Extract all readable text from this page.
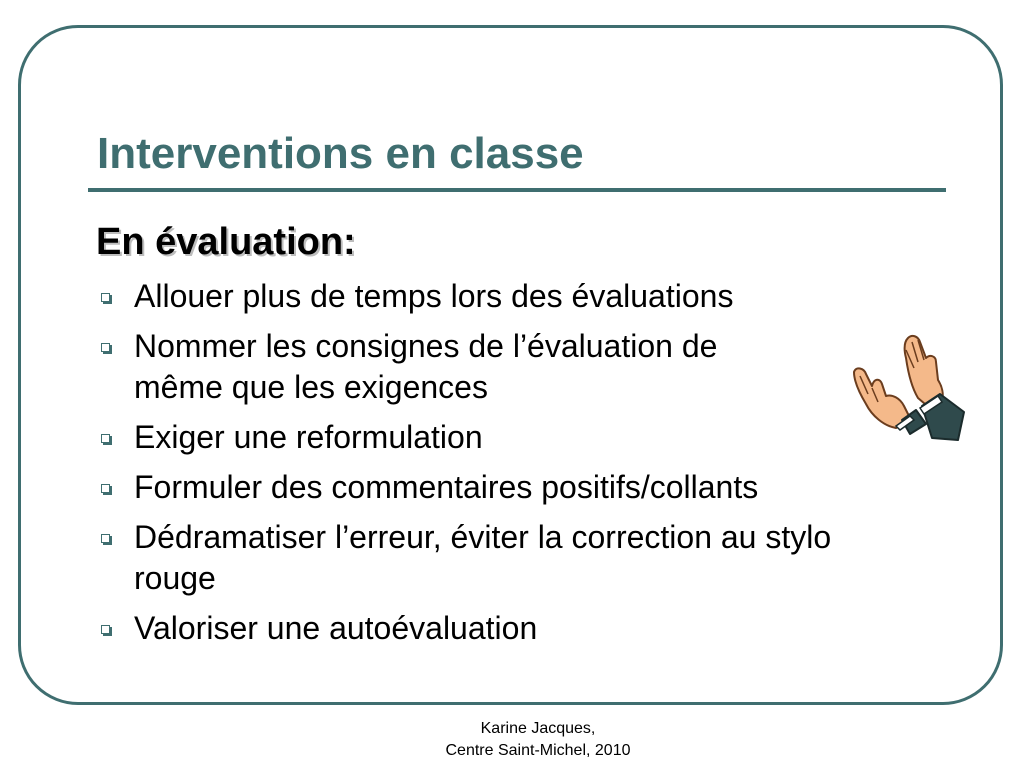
Interventions en classe
En évaluation:
Allouer plus de temps lors des évaluations
Nommer les consignes de l’évaluation de même que les exigences
Exiger une reformulation
Formuler des commentaires positifs/collants
Dédramatiser l’erreur, éviter la correction au stylo rouge
Valoriser une autoévaluation
Karine Jacques,
Centre Saint-Michel, 2010
